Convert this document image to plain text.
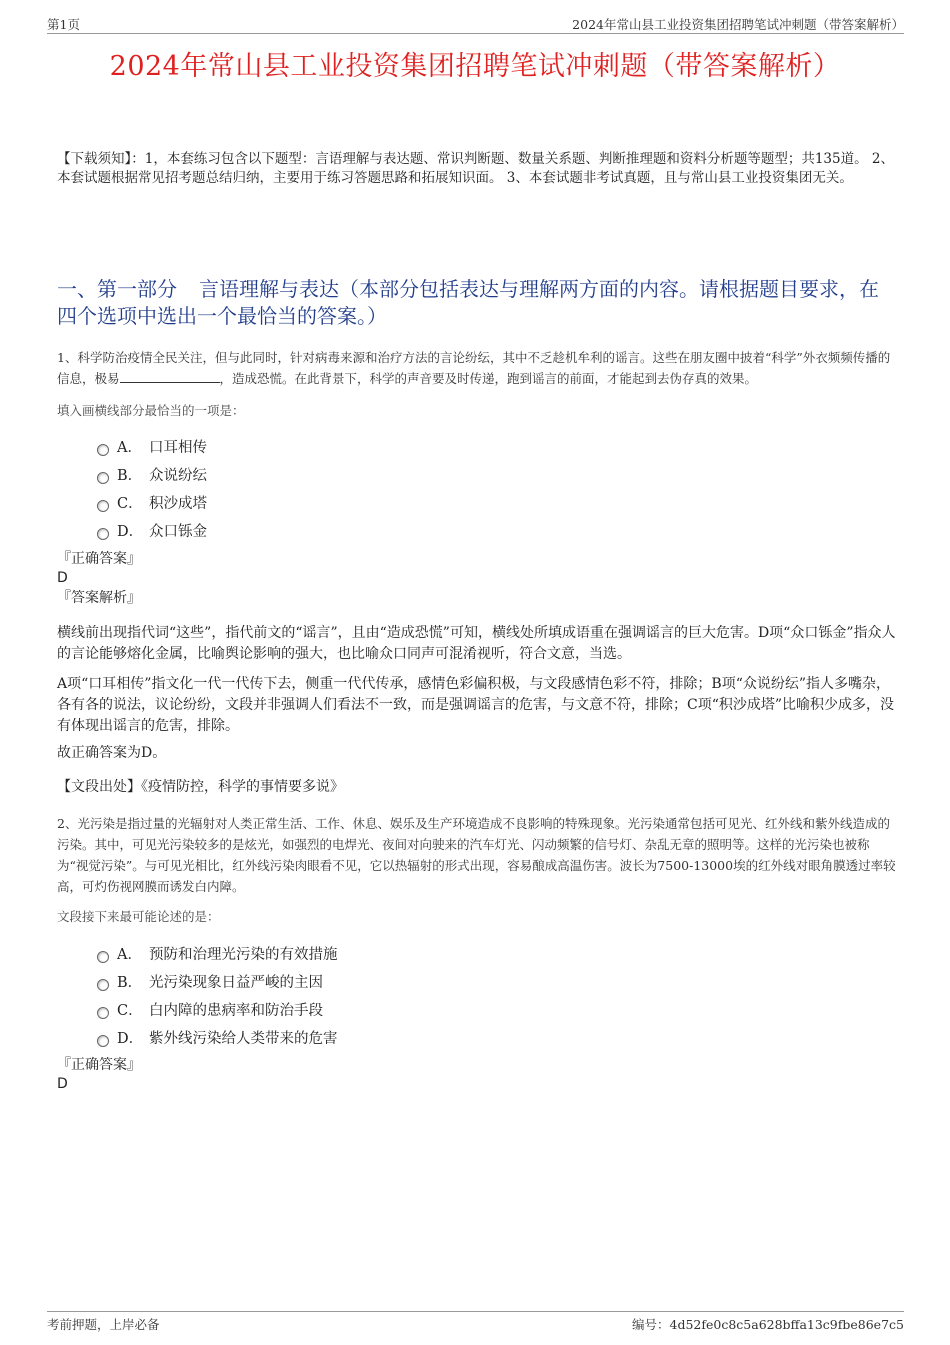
第1页	2024年常山县工业投资集团招聘笔试冲刺题（带答案解析）
2024年常山县工业投资集团招聘笔试冲刺题（带答案解析）
【下载须知】：1，本套练习包含以下题型：言语理解与表达题、常识判断题、数量关系题、判断推理题和资料分析题等题型；共135道。 2、本套试题根据常见招考题总结归纳，主要用于练习答题思路和拓展知识面。 3、本套试题非考试真题，且与常山县工业投资集团无关。
一、第一部分 言语理解与表达（本部分包括表达与理解两方面的内容。请根据题目要求，在四个选项中选出一个最恰当的答案。）
1、科学防治疫情全民关注，但与此同时，针对病毒来源和治疗方法的言论纷纭，其中不乏趁机牟利的谣言。这些在朋友圈中披着“科学”外衣频频传播的信息，极易	，造成恐慌。在此背景下，科学的声音要及时传递，跑到谣言的前面，才能起到去伪存真的效果。
填入画横线部分最恰当的一项是：
A． 口耳相传
B． 众说纷纭
C． 积沙成塔
D． 众口铄金
『正确答案』
D
『答案解析』
横线前出现指代词“这些”，指代前文的“谣言”，且由“造成恐慌”可知，横线处所填成语重在强调谣言的巨大危害。D项“众口铄金”指众人的言论能够熔化金属，比喻舆论影响的强大，也比喻众口同声可混淆视听，符合文意，当选。
A项“口耳相传”指文化一代一代传下去，侧重一代代传承，感情色彩偏积极，与文段感情色彩不符，排除；B项“众说纷纭”指人多嘴杂，各有各的说法，议论纷纷，文段并非强调人们看法不一致，而是强调谣言的危害，与文意不符，排除；C项“积沙成塔”比喻积少成多，没有体现出谣言的危害，排除。
故正确答案为D。
【文段出处】《疫情防控，科学的事情要多说》
2、光污染是指过量的光辐射对人类正常生活、工作、休息、娱乐及生产环境造成不良影响的特殊现象。光污染通常包括可见光、红外线和紫外线造成的污染。其中，可见光污染较多的是炫光，如强烈的电焊光、夜间对向驶来的汽车灯光、闪动频繁的信号灯、杂乱无章的照明等。这样的光污染也被称为“视觉污染”。与可见光相比，红外线污染肉眼看不见，它以热辐射的形式出现，容易酿成高温伤害。波长为7500-13000埃的红外线对眼角膜透过率较高，可灼伤视网膜而诱发白内障。
文段接下来最可能论述的是：
A． 预防和治理光污染的有效措施
B． 光污染现象日益严峻的主因
C． 白内障的患病率和防治手段
D． 紫外线污染给人类带来的危害
『正确答案』
D
考前押题，上岸必备	编号：4d52fe0c8c5a628bffa13c9fbe86e7c5
